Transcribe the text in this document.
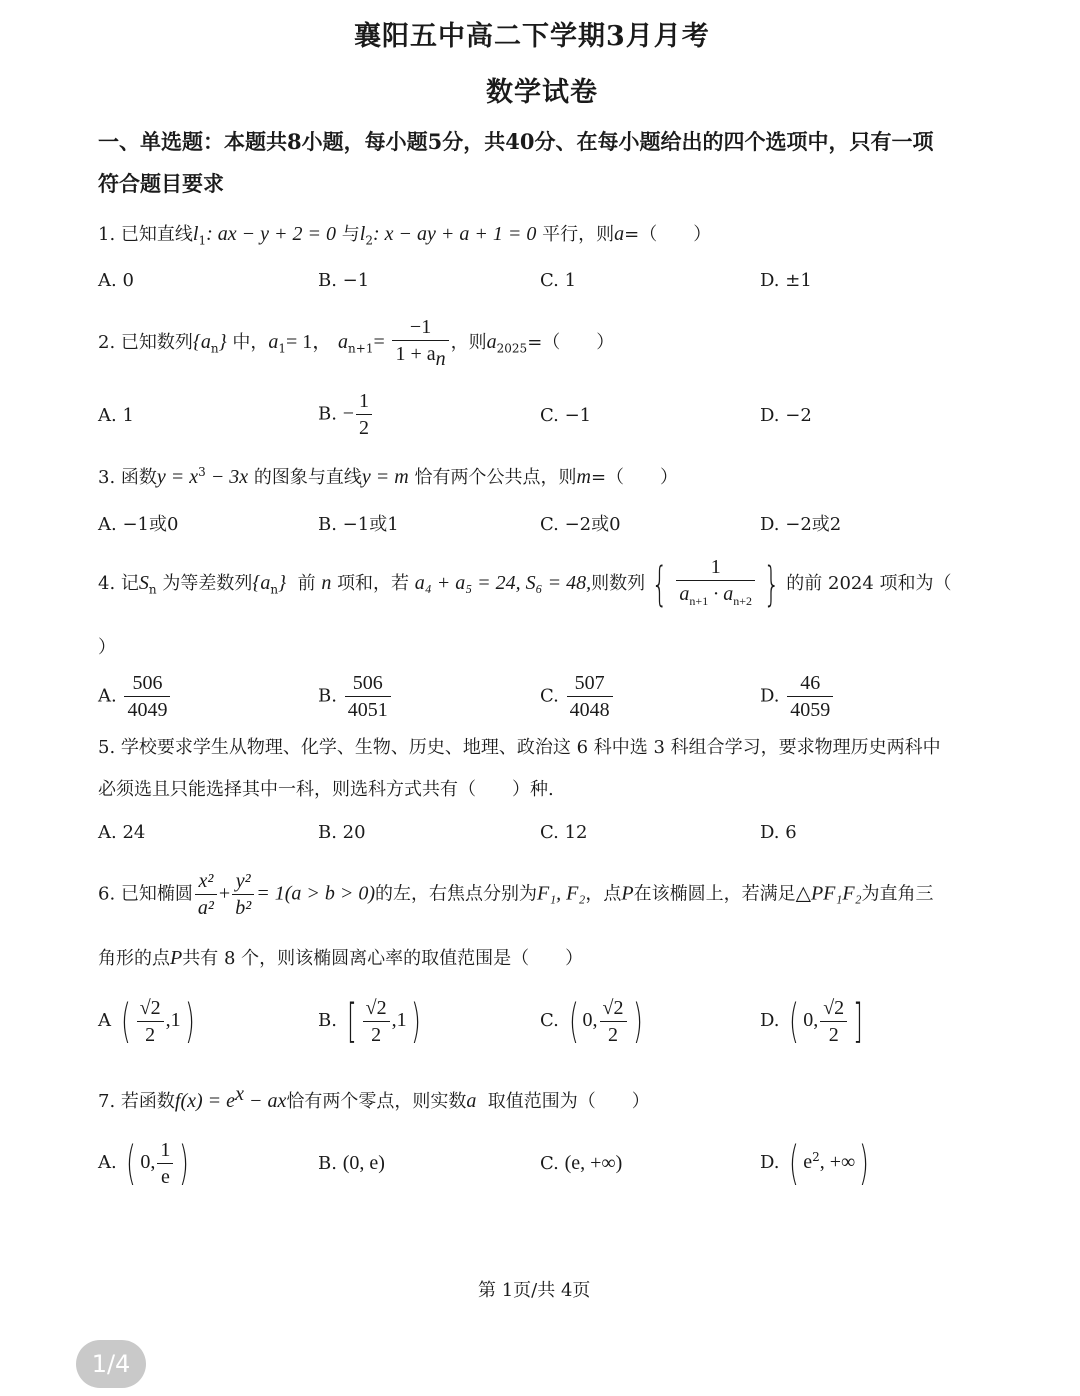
襄阳五中高二下学期3月月考
数学试卷
一、单选题：本题共8小题，每小题5分，共40分、在每小题给出的四个选项中，只有一项
符合题目要求
1. 已知直线$l_1$: ax − y + 2 = 0 与$l_2$: x − ay + a + 1 = 0 平行，则a=（　　）
A. 0	B. −1	C. 1	D. ±1
2. 已知数列$\{a_n\}$ 中，$a_1= 1$， $a_{n+1}= \frac{-1}{1 + a_n}$ ，则$a_{2025}=$（　　）
A. 1	B. − $\frac{1}{2}$	C. −1	D. −2
3. 函数$y = x^3 - 3x$ 的图象与直线y = m 恰有两个公共点，则m=（　　）
A. −1或0	B. −1或1	C. −2或0	D. −2或2
4. 记$S_n$ 为等差数列$\{a_n\}$ 前 n 项和，若 a₄ + a₅ = 24, S₆ = 48,则数列 { $\frac{1}{a_{n+1} \cdot a_{n+2}}$ } 的前 2024 项和为（
）
A. $\frac{506}{4049}$	B. $\frac{506}{4051}$	C. $\frac{507}{4048}$	D. $\frac{46}{4059}$
5. 学校要求学生从物理、化学、生物、历史、地理、政治这 6 科中选 3 科组合学习，要求物理历史两科中
必须选且只能选择其中一科，则选科方式共有（　　）种.
A. 24	B. 20	C. 12	D. 6
6. 已知椭圆 $\frac{\text{x²}}{\text{a²}} + \frac{\text{y²}}{\text{b²}} = 1(a > b > 0)$的左，右焦点分别为F₁, F₂，点P在该椭圆上，若满足△PF₁F₂为直角三
角形的点P共有 8 个，则该椭圆离心率的取值范围是（　　）
A ( $\frac{√2}{2} ,1$)	B. [ $\frac{√2}{2} ,1$)	C. ( 0, $\frac{√2}{2}$ )	D. ( 0, $\frac{√2}{2}$ ]
7. 若函数$f(x) = e^x$ − ax恰有两个零点，则实数a 取值范围为（　　）
A. ( 0, $\frac{1}{e}$ )	B. (0, e)	C. (e, +∞)	D. ( $e^2$, +∞)
第 1页/共 4页
1/4
